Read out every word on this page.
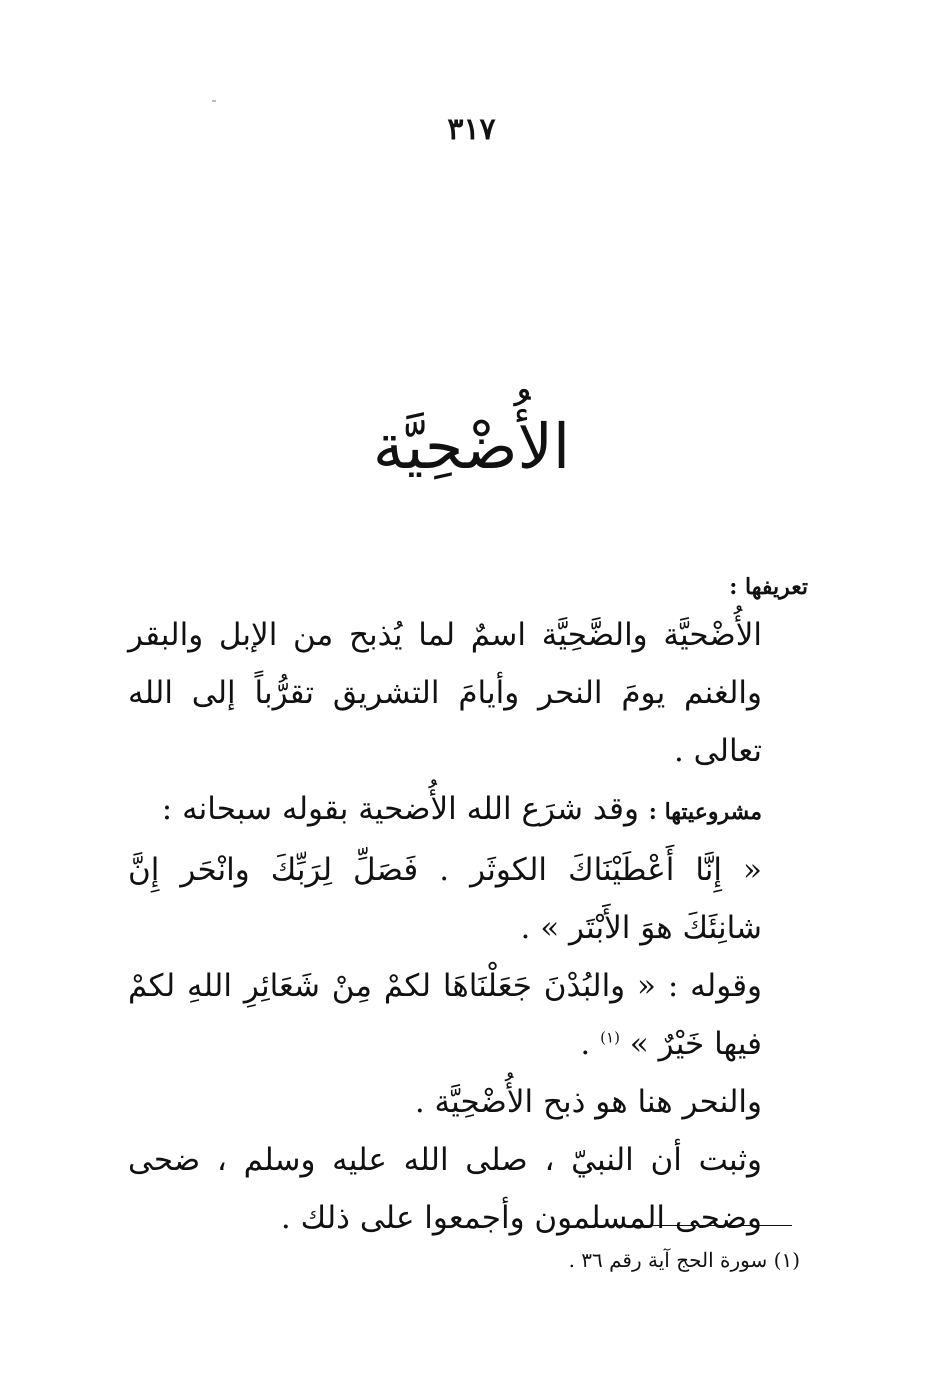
٣١٧
الأُضْحِيَّة

تعريفها :

الأُضْحيَّة والضَّحِيَّة اسمٌ لما يُذبح من الإبل والبقر والغنم يومَ النحر وأيامَ التشريق تقرُّباً إلى الله تعالى .

مشروعيتها : وقد شرَع الله الأُضحية بقوله سبحانه :

« إِنَّا أَعْطَيْنَاكَ الكوثَر . فَصَلِّ لِرَبِّكَ وانْحَر إِنَّ شانِئَكَ هوَ الأَبْتَر » .

وقوله : « والبُدْنَ جَعَلْنَاهَا لكمْ مِنْ شَعَائِرِ اللهِ لكمْ فيها خَيْرٌ » $^{(١)}$ .

والنحر هنا هو ذبح الأُضْحِيَّة .

وثبت أن النبيّ ، صلى الله عليه وسلم ، ضحى وضحى المسلمون وأجمعوا على ذلك .

(١) سورة الحج آية رقم ٣٦ .
